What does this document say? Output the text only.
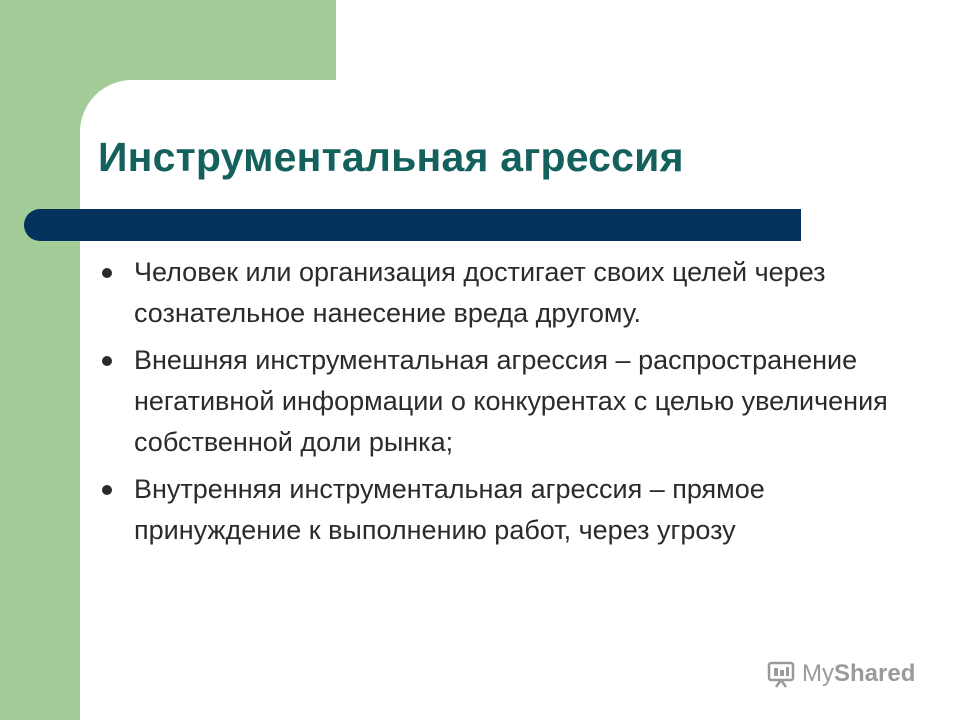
Инструментальная агрессия
Человек или организация достигает своих целей через сознательное нанесение вреда другому.
Внешняя инструментальная агрессия – распространение негативной информации о конкурентах с целью увеличения собственной доли рынка;
Внутренняя инструментальная агрессия – прямое принуждение к выполнению работ, через угрозу
MyShared
